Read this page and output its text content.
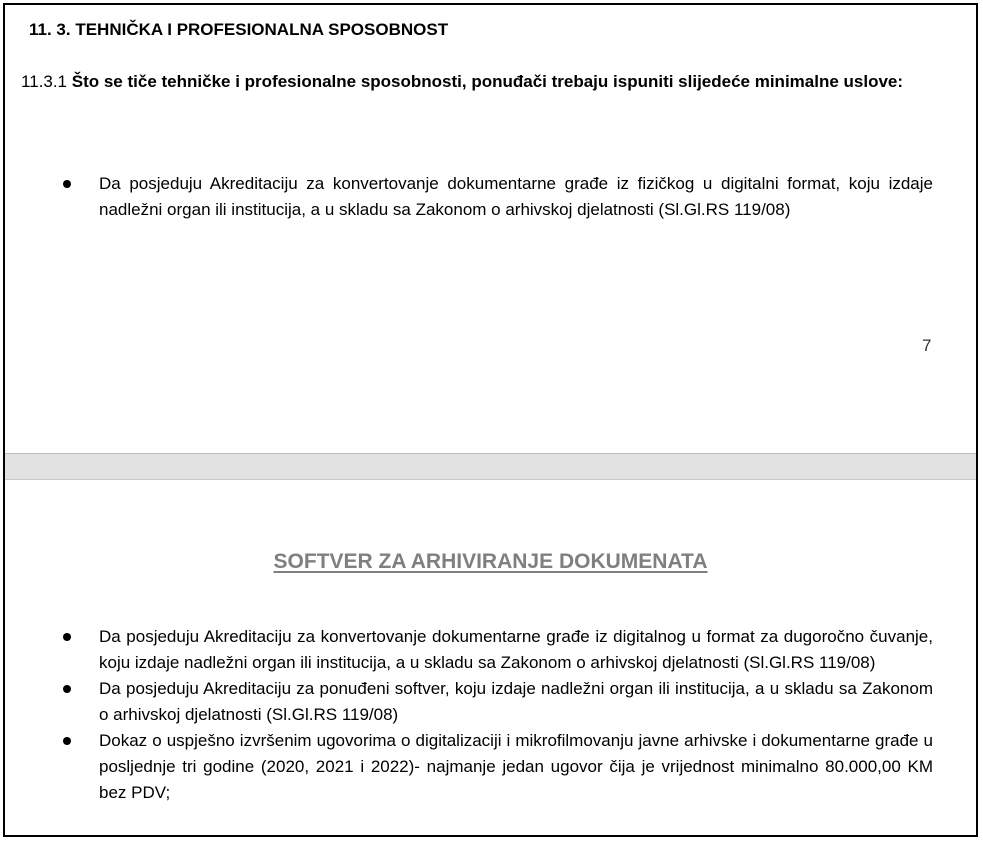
11. 3. TEHNIČKA I PROFESIONALNA SPOSOBNOST
11.3.1 Što se tiče tehničke i profesionalne sposobnosti, ponuđači trebaju ispuniti slijedeće minimalne uslove:
Da posjeduju Akreditaciju za konvertovanje dokumentarne građe iz fizičkog u digitalni format, koju izdaje nadležni organ ili institucija, a u skladu sa Zakonom o arhivskoj djelatnosti (Sl.Gl.RS 119/08)
7
SOFTVER ZA ARHIVIRANJE DOKUMENATA
Da posjeduju Akreditaciju za konvertovanje dokumentarne građe iz digitalnog u format za dugoročno čuvanje, koju izdaje nadležni organ ili institucija, a u skladu sa Zakonom o arhivskoj djelatnosti (Sl.Gl.RS 119/08)
Da posjeduju Akreditaciju za ponuđeni softver, koju izdaje nadležni organ ili institucija, a u skladu sa Zakonom o arhivskoj djelatnosti (Sl.Gl.RS 119/08)
Dokaz o uspješno izvršenim ugovorima o digitalizaciji i mikrofilmovanju javne arhivske i dokumentarne građe u posljednje tri godine (2020, 2021 i 2022)- najmanje jedan ugovor čija je vrijednost minimalno 80.000,00 KM bez PDV;
